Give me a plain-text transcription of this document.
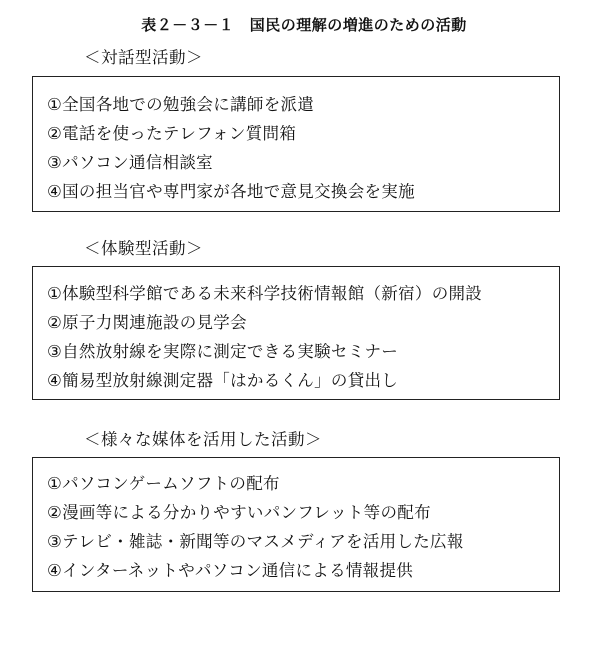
表２－３－１　国民の理解の増進のための活動
＜対話型活動＞
①全国各地での勉強会に講師を派遣
②電話を使ったテレフォン質問箱
③パソコン通信相談室
④国の担当官や専門家が各地で意見交換会を実施
＜体験型活動＞
①体験型科学館である未来科学技術情報館（新宿）の開設
②原子力関連施設の見学会
③自然放射線を実際に測定できる実験セミナー
④簡易型放射線測定器「はかるくん」の貸出し
＜様々な媒体を活用した活動＞
①パソコンゲームソフトの配布
②漫画等による分かりやすいパンフレット等の配布
③テレビ・雑誌・新聞等のマスメディアを活用した広報
④インターネットやパソコン通信による情報提供
